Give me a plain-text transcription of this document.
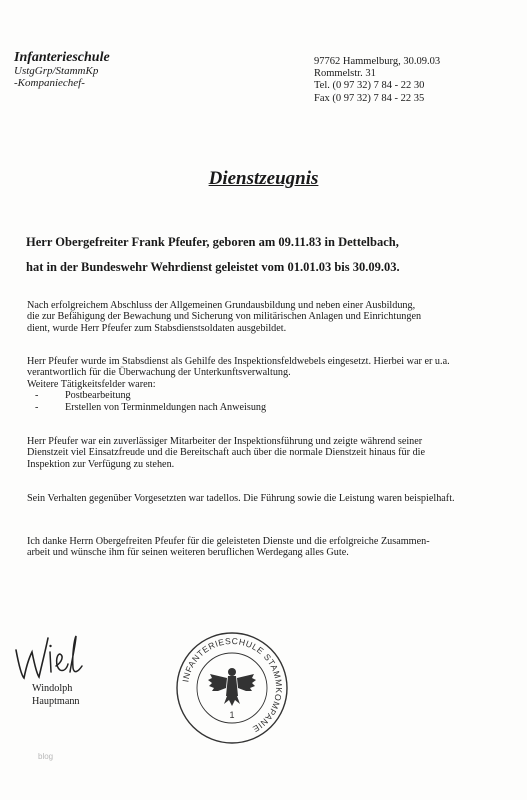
Infanterieschule
UstgGrp/StammKp
-Kompaniechef-
97762 Hammelburg, 30.09.03
Rommelstr. 31
Tel. (0 97 32) 7 84 - 22 30
Fax (0 97 32) 7 84 - 22 35
Dienstzeugnis
Herr Obergefreiter Frank Pfeufer, geboren am 09.11.83 in Dettelbach,
hat in der Bundeswehr Wehrdienst geleistet vom 01.01.03 bis 30.09.03.
Nach erfolgreichem Abschluss der Allgemeinen Grundausbildung und neben einer Ausbildung,
die zur Befähigung der Bewachung und Sicherung von militärischen Anlagen und Einrichtungen
dient, wurde Herr Pfeufer zum Stabsdienstsoldaten ausgebildet.
Herr Pfeufer wurde im Stabsdienst als Gehilfe des Inspektionsfeldwebels eingesetzt. Hierbei war er u.a.
verantwortlich für die Überwachung der Unterkunftsverwaltung.
Weitere Tätigkeitsfelder waren:
-	Postbearbeitung
-	Erstellen von Terminmeldungen nach Anweisung
Herr Pfeufer war ein zuverlässiger Mitarbeiter der Inspektionsführung und zeigte während seiner
Dienstzeit viel Einsatzfreude und die Bereitschaft auch über die normale Dienstzeit hinaus für die
Inspektion zur Verfügung zu stehen.
Sein Verhalten gegenüber Vorgesetzten war tadellos. Die Führung sowie die Leistung waren beispielhaft.
Ich danke Herrn Obergefreiten Pfeufer für die geleisteten Dienste und die erfolgreiche Zusammen-
arbeit und wünsche ihm für seinen weiteren beruflichen Werdegang alles Gute.
Windolph
Hauptmann
INFANTERIESCHULE STAMMKOMPANIE
1
blog
